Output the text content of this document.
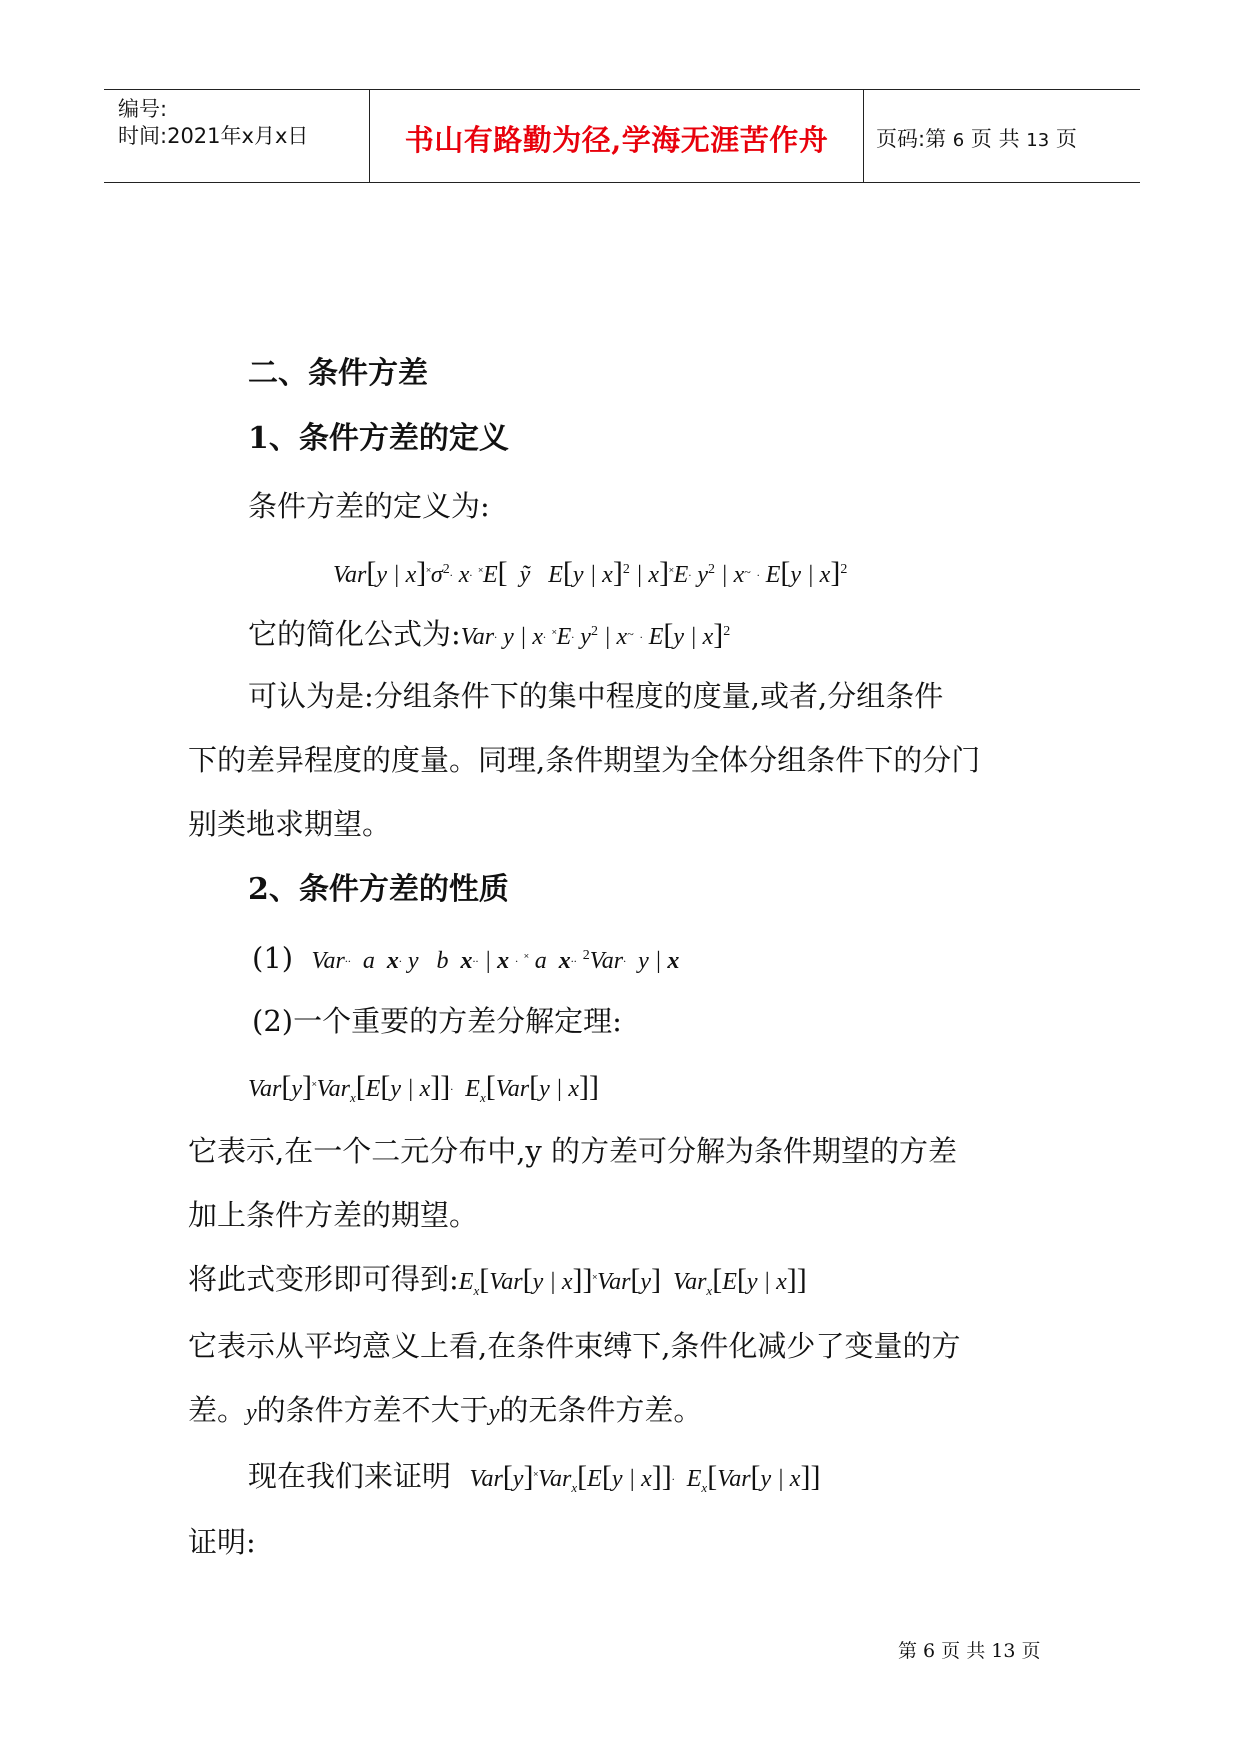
编号:
时间:2021年x月x日	书山有路勤为径,学海无涯苦作舟	页码:第 6 页 共 13 页
二、条件方差
1、条件方差的定义
条件方差的定义为:
Var[y | $x]^˟\sigma^{2.}$ x. ˟E[  ỹ   E[y | x]$^2$ | x]˟E. $y^2$ | x~ . E[y | x]$^2$
它的简化公式为:Var. y | x. ˟E. $y^2$ | x~ . E[y | x]$^2$
可认为是:分组条件下的集中程度的度量,或者,分组条件
下的差异程度的度量。同理,条件期望为全体分组条件下的分门
别类地求期望。
2、条件方差的性质
(1) Var..  a  x. y   b  x.. | x . ˟ a  x.. $^2$Var.  y | x
(2)一个重要的方差分解定理:
Var[y]˟Var$_x$[E[y | x]].  $E_x[Var[y$ | x]]
它表示,在一个二元分布中,y 的方差可分解为条件期望的方差
加上条件方差的期望。
将此式变形即可得到$:E_x[Var[y$ | x]]˟Var[y]  Var$_x$[E[y | x]]
它表示从平均意义上看,在条件束缚下,条件化减少了变量的方
差。y的条件方差不大于y的无条件方差。
现在我们来证明 Var[y]˟Var$_x$[E[y | x]].  $E_x[Var[y$ | x]]
证明:
第 6 页 共 13 页
